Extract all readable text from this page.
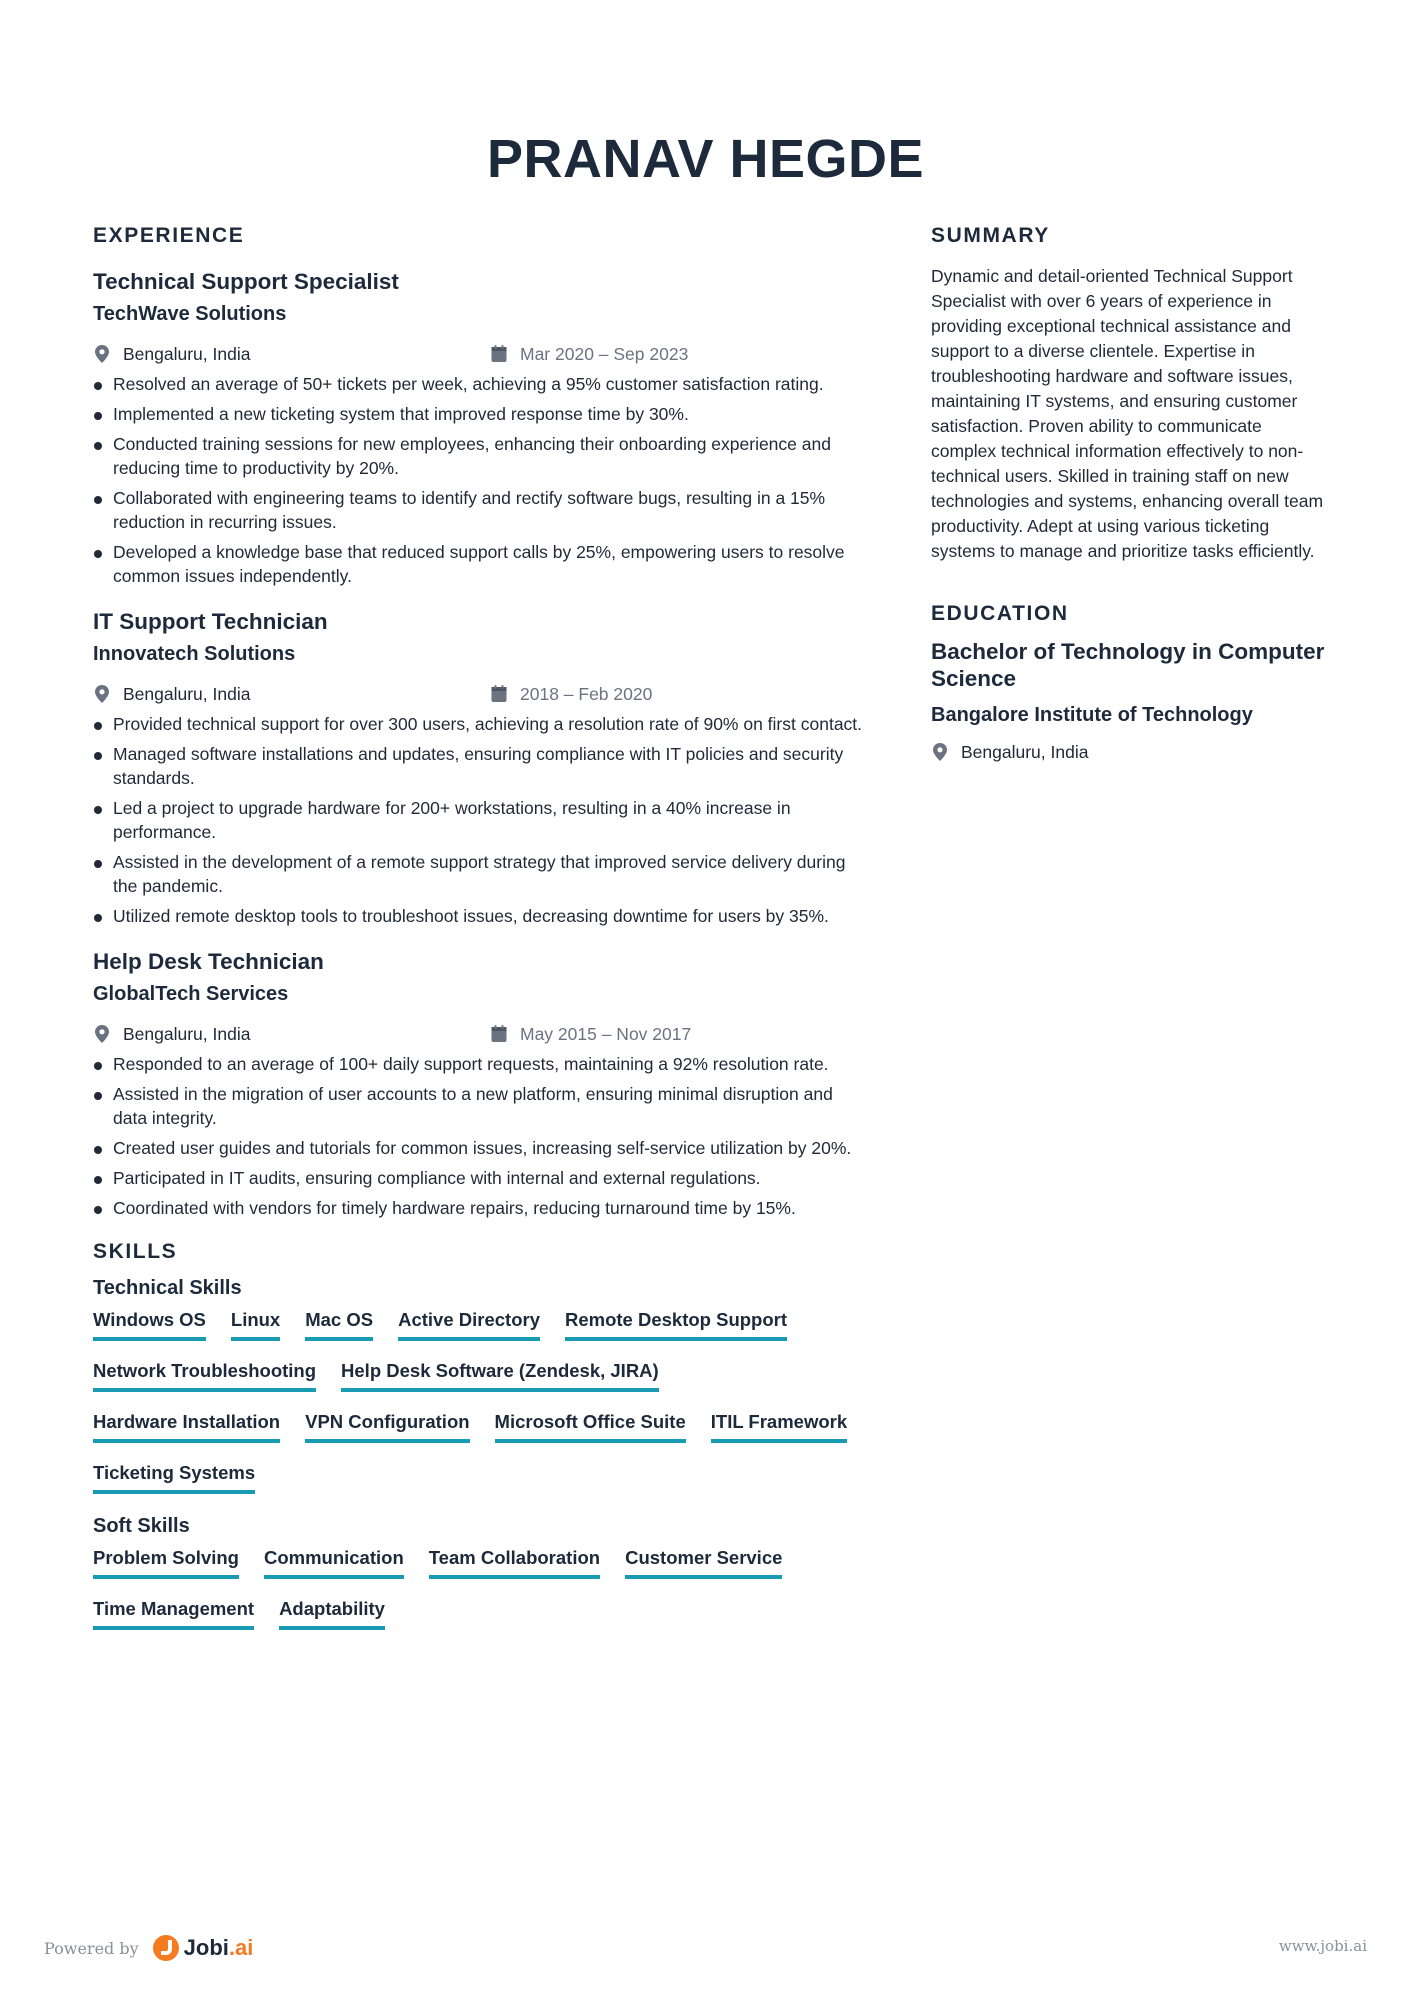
PRANAV HEGDE
EXPERIENCE
Technical Support Specialist
TechWave Solutions
Bengaluru, India	Mar 2020 – Sep 2023
Resolved an average of 50+ tickets per week, achieving a 95% customer satisfaction rating.
Implemented a new ticketing system that improved response time by 30%.
Conducted training sessions for new employees, enhancing their onboarding experience and reducing time to productivity by 20%.
Collaborated with engineering teams to identify and rectify software bugs, resulting in a 15% reduction in recurring issues.
Developed a knowledge base that reduced support calls by 25%, empowering users to resolve common issues independently.
IT Support Technician
Innovatech Solutions
Bengaluru, India	2018 – Feb 2020
Provided technical support for over 300 users, achieving a resolution rate of 90% on first contact.
Managed software installations and updates, ensuring compliance with IT policies and security standards.
Led a project to upgrade hardware for 200+ workstations, resulting in a 40% increase in performance.
Assisted in the development of a remote support strategy that improved service delivery during the pandemic.
Utilized remote desktop tools to troubleshoot issues, decreasing downtime for users by 35%.
Help Desk Technician
GlobalTech Services
Bengaluru, India	May 2015 – Nov 2017
Responded to an average of 100+ daily support requests, maintaining a 92% resolution rate.
Assisted in the migration of user accounts to a new platform, ensuring minimal disruption and data integrity.
Created user guides and tutorials for common issues, increasing self-service utilization by 20%.
Participated in IT audits, ensuring compliance with internal and external regulations.
Coordinated with vendors for timely hardware repairs, reducing turnaround time by 15%.
SKILLS
Technical Skills
Windows OS Linux Mac OS Active Directory Remote Desktop Support
Network Troubleshooting Help Desk Software (Zendesk, JIRA)
Hardware Installation VPN Configuration Microsoft Office Suite ITIL Framework
Ticketing Systems
Soft Skills
Problem Solving Communication Team Collaboration Customer Service
Time Management Adaptability
SUMMARY

Dynamic and detail-oriented Technical Support Specialist with over 6 years of experience in providing exceptional technical assistance and support to a diverse clientele. Expertise in troubleshooting hardware and software issues, maintaining IT systems, and ensuring customer satisfaction. Proven ability to communicate complex technical information effectively to non-technical users. Skilled in training staff on new technologies and systems, enhancing overall team productivity. Adept at using various ticketing systems to manage and prioritize tasks efficiently.

EDUCATION
Bachelor of Technology in Computer Science
Bangalore Institute of Technology
Bengaluru, India
Powered by Jobi.ai	www.jobi.ai
